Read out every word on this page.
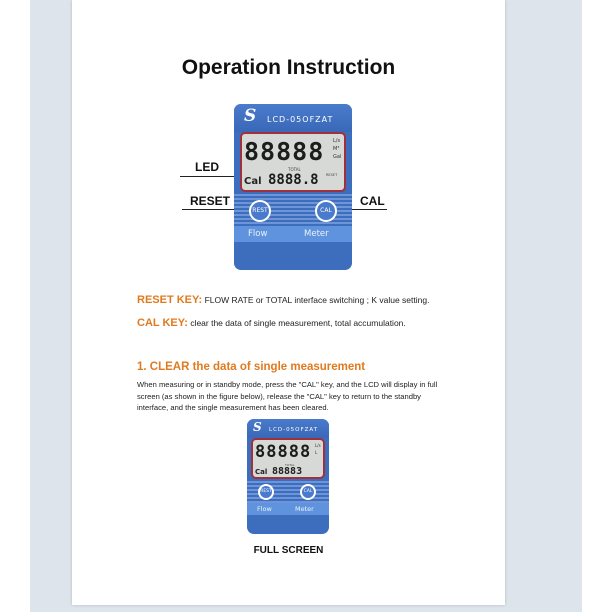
Operation Instruction
LED
RESET	CAL
S LCD-05OFZAT
88888 L/s
M³
Gal
TOTAL
RESET
Cal 8888.8
REST	CAL
Flow	Meter
RESET KEY: FLOW RATE or TOTAL interface switching ; K value setting.
CAL KEY: clear the data of single measurement, total accumulation.
1. CLEAR the data of single measurement
When measuring or in standby mode, press the "CAL" key, and the LCD will display in full screen (as shown in the figure below), release the "CAL" key to return to the standby interface, and the single measurement has been cleared.
S LCD-05OFZAT
88888 L/s
L
TOTAL
Cal 88883
REST	CAL
Flow	Meter
FULL SCREEN
